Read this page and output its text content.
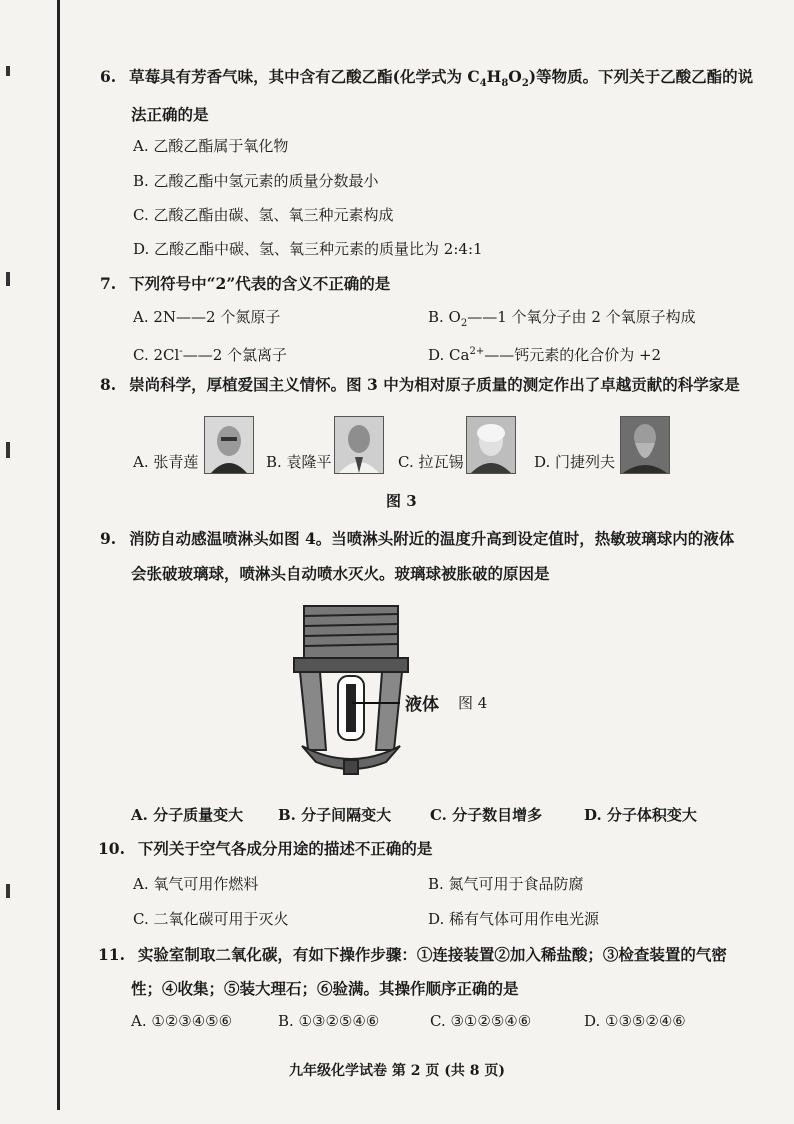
6. 草莓具有芳香气味，其中含有乙酸乙酯(化学式为 $C_4H_8O_2$)等物质。下列关于乙酸乙酯的说
法正确的是
A. 乙酸乙酯属于氧化物
B. 乙酸乙酯中氢元素的质量分数最小
C. 乙酸乙酯由碳、氢、氧三种元素构成
D. 乙酸乙酯中碳、氢、氧三种元素的质量比为 2:4:1
7. 下列符号中“2”代表的含义不正确的是
A. 2N——2 个氮原子	B. $O_2——1$ 个氧分子由 2 个氧原子构成
C. 2Cl-——2 个氯离子	D. $Ca^{2+}——$钙元素的化合价为 +2
8. 崇尚科学，厚植爱国主义情怀。图 3 中为相对原子质量的测定作出了卓越贡献的科学家是
A. 张青莲	B. 袁隆平	C. 拉瓦锡	D. 门捷列夫
图 3
9. 消防自动感温喷淋头如图 4。当喷淋头附近的温度升高到设定值时，热敏玻璃球内的液体
会张破玻璃球，喷淋头自动喷水灭火。玻璃球被胀破的原因是
液体 图 4
A. 分子质量变大 B. 分子间隔变大	C. 分子数目增多	D. 分子体积变大
10. 下列关于空气各成分用途的描述不正确的是
A. 氧气可用作燃料	B. 氮气可用于食品防腐
C. 二氧化碳可用于灭火	D. 稀有气体可用作电光源
11. 实验室制取二氧化碳，有如下操作步骤：①连接装置②加入稀盐酸；③检查装置的气密
性；④收集；⑤装大理石；⑥验满。其操作顺序正确的是
A. ①②③④⑤⑥	B. ①③②⑤④⑥	C. ③①②⑤④⑥	D. ①③⑤②④⑥
九年级化学试卷 第 2 页 (共 8 页)
